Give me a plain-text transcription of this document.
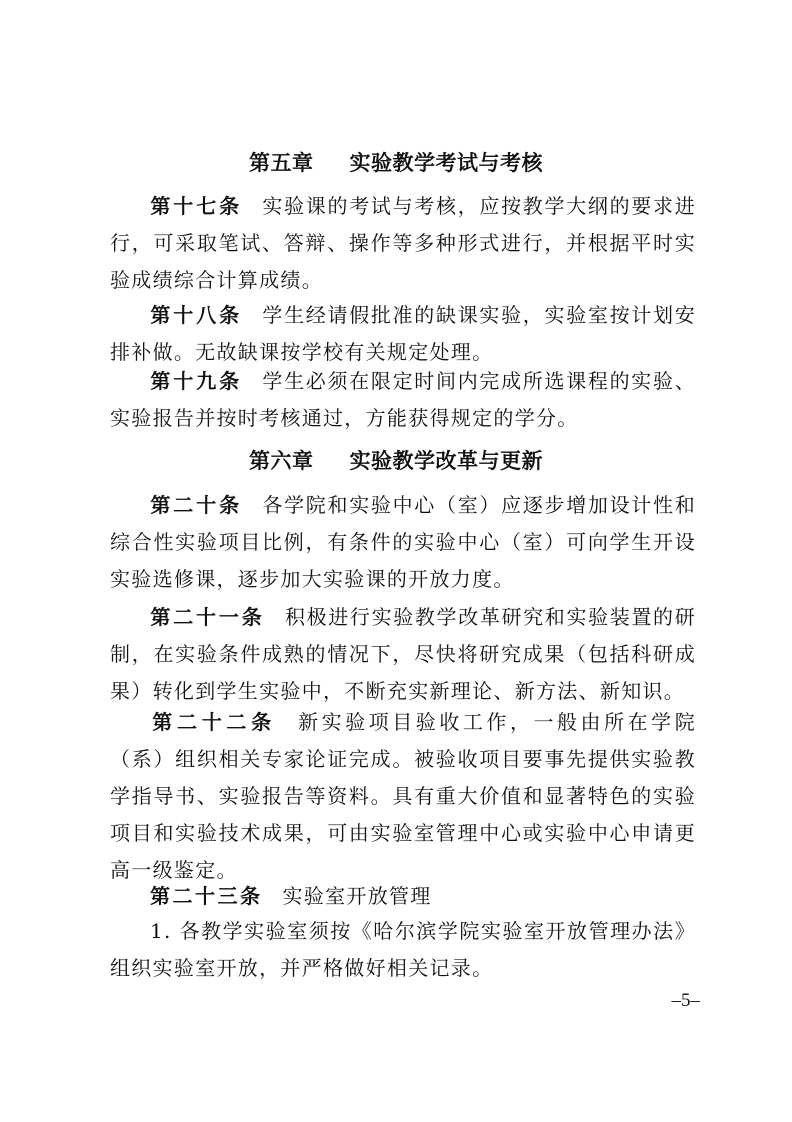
第五章 实验教学考试与考核
第十七条 实验课的考试与考核，应按教学大纲的要求进行，可采取笔试、答辩、操作等多种形式进行，并根据平时实验成绩综合计算成绩。
第十八条 学生经请假批准的缺课实验，实验室按计划安排补做。无故缺课按学校有关规定处理。
第十九条 学生必须在限定时间内完成所选课程的实验、实验报告并按时考核通过，方能获得规定的学分。
第六章 实验教学改革与更新
第二十条 各学院和实验中心（室）应逐步增加设计性和综合性实验项目比例，有条件的实验中心（室）可向学生开设实验选修课，逐步加大实验课的开放力度。
第二十一条 积极进行实验教学改革研究和实验装置的研制，在实验条件成熟的情况下，尽快将研究成果（包括科研成果）转化到学生实验中，不断充实新理论、新方法、新知识。
第二十二条 新实验项目验收工作，一般由所在学院（系）组织相关专家论证完成。被验收项目要事先提供实验教学指导书、实验报告等资料。具有重大价值和显著特色的实验项目和实验技术成果，可由实验室管理中心或实验中心申请更高一级鉴定。
第二十三条 实验室开放管理
1. 各教学实验室须按《哈尔滨学院实验室开放管理办法》组织实验室开放，并严格做好相关记录。
–5–
